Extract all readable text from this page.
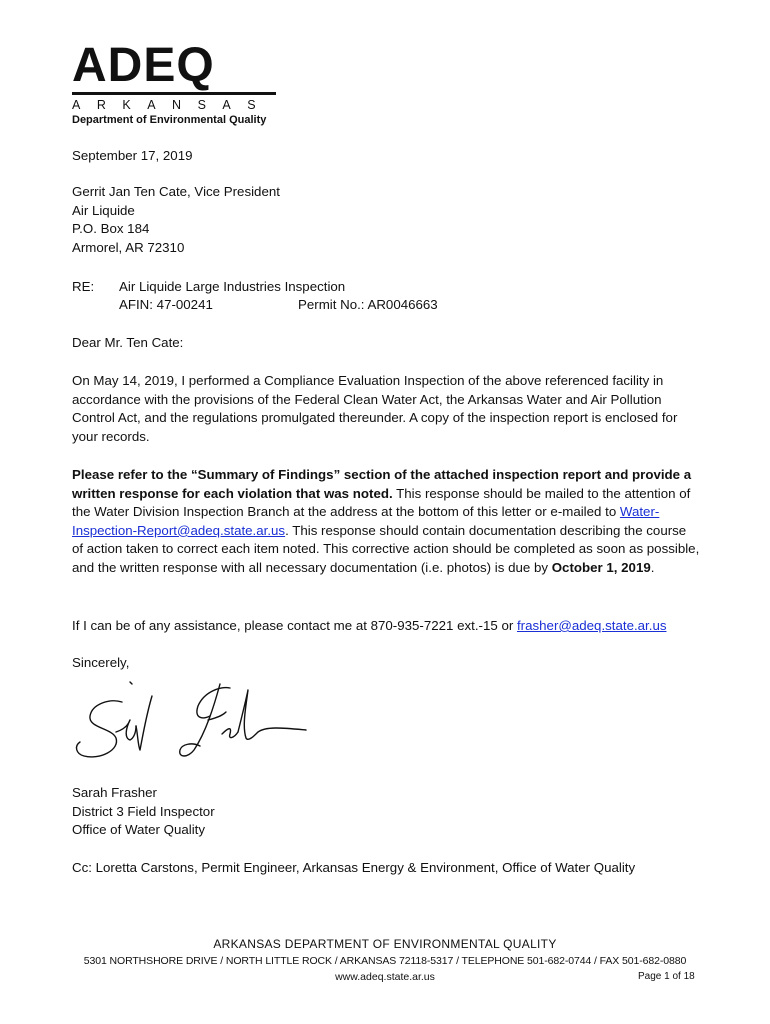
ADEQ
ARKANSAS
Department of Environmental Quality
September 17, 2019
Gerrit Jan Ten Cate, Vice President
Air Liquide
P.O. Box 184
Armorel, AR 72310
RE: Air Liquide Large Industries Inspection
AFIN: 47-00241	Permit No.: AR0046663
Dear Mr. Ten Cate:
On May 14, 2019, I performed a Compliance Evaluation Inspection of the above referenced facility in accordance with the provisions of the Federal Clean Water Act, the Arkansas Water and Air Pollution Control Act, and the regulations promulgated thereunder. A copy of the inspection report is enclosed for your records.
Please refer to the “Summary of Findings” section of the attached inspection report and provide a written response for each violation that was noted. This response should be mailed to the attention of the Water Division Inspection Branch at the address at the bottom of this letter or e-mailed to Water-Inspection-Report@adeq.state.ar.us. This response should contain documentation describing the course of action taken to correct each item noted. This corrective action should be completed as soon as possible, and the written response with all necessary documentation (i.e. photos) is due by October 1, 2019.
If I can be of any assistance, please contact me at 870-935-7221 ext.-15 or frasher@adeq.state.ar.us
Sincerely,
Sarah Frasher
District 3 Field Inspector
Office of Water Quality
Cc: Loretta Carstons, Permit Engineer, Arkansas Energy & Environment, Office of Water Quality
ARKANSAS DEPARTMENT OF ENVIRONMENTAL QUALITY
5301 NORTHSHORE DRIVE / NORTH LITTLE ROCK / ARKANSAS 72118-5317 / TELEPHONE 501-682-0744 / FAX 501-682-0880
www.adeq.state.ar.us	Page 1 of 18
